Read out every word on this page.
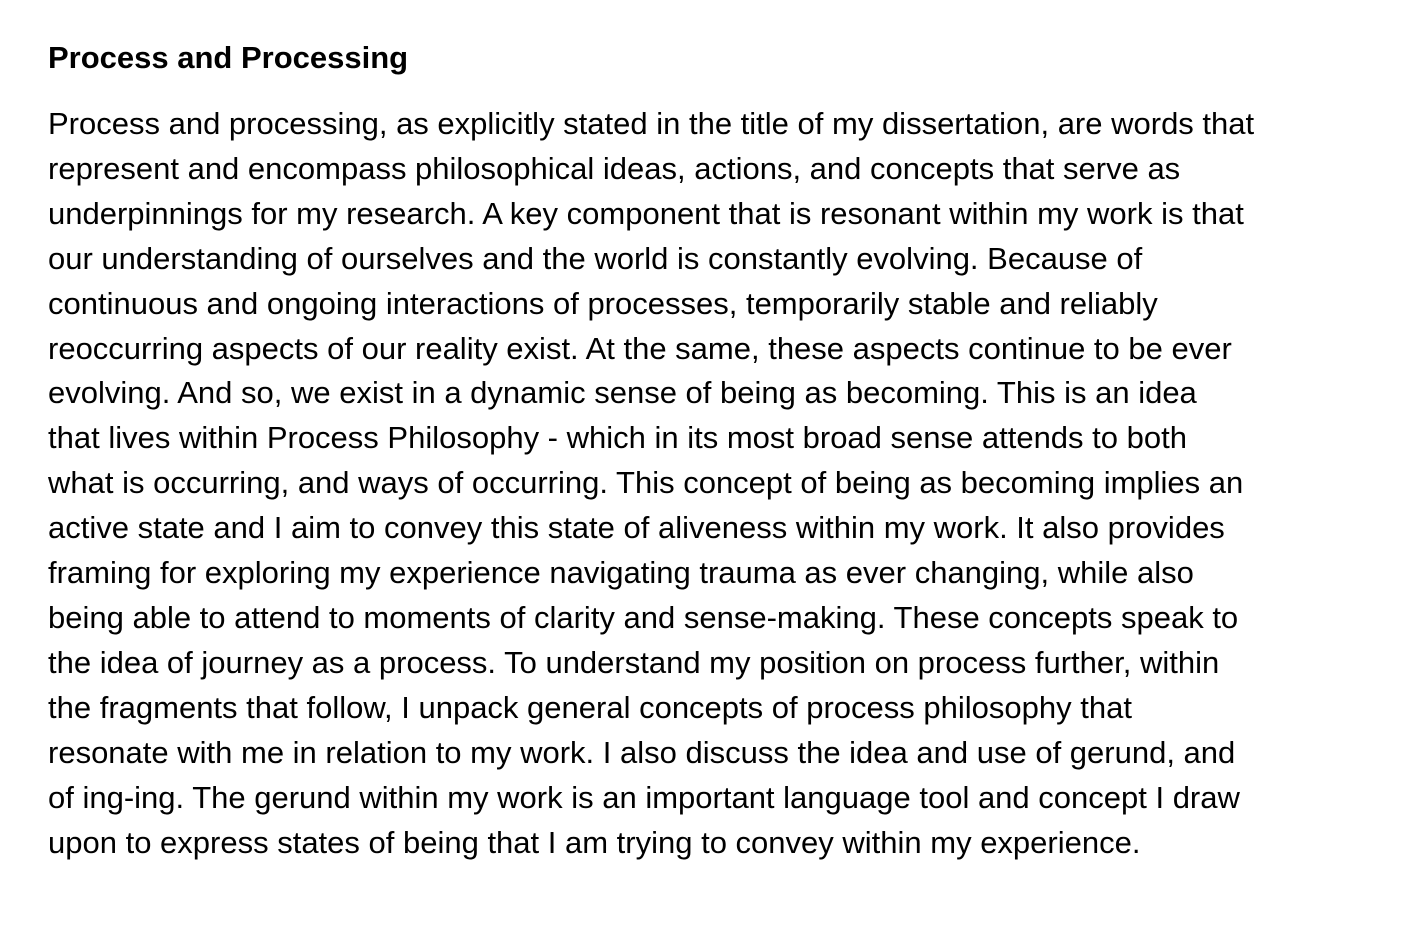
Process and Processing
Process and processing, as explicitly stated in the title of my dissertation, are words that
represent and encompass philosophical ideas, actions, and concepts that serve as
underpinnings for my research. A key component that is resonant within my work is that
our understanding of ourselves and the world is constantly evolving. Because of
continuous and ongoing interactions of processes, temporarily stable and reliably
reoccurring aspects of our reality exist. At the same, these aspects continue to be ever
evolving. And so, we exist in a dynamic sense of being as becoming. This is an idea
that lives within Process Philosophy - which in its most broad sense attends to both
what is occurring, and ways of occurring. This concept of being as becoming implies an
active state and I aim to convey this state of aliveness within my work. It also provides
framing for exploring my experience navigating trauma as ever changing, while also
being able to attend to moments of clarity and sense-making. These concepts speak to
the idea of journey as a process. To understand my position on process further, within
the fragments that follow, I unpack general concepts of process philosophy that
resonate with me in relation to my work. I also discuss the idea and use of gerund, and
of ing-ing. The gerund within my work is an important language tool and concept I draw
upon to express states of being that I am trying to convey within my experience.
